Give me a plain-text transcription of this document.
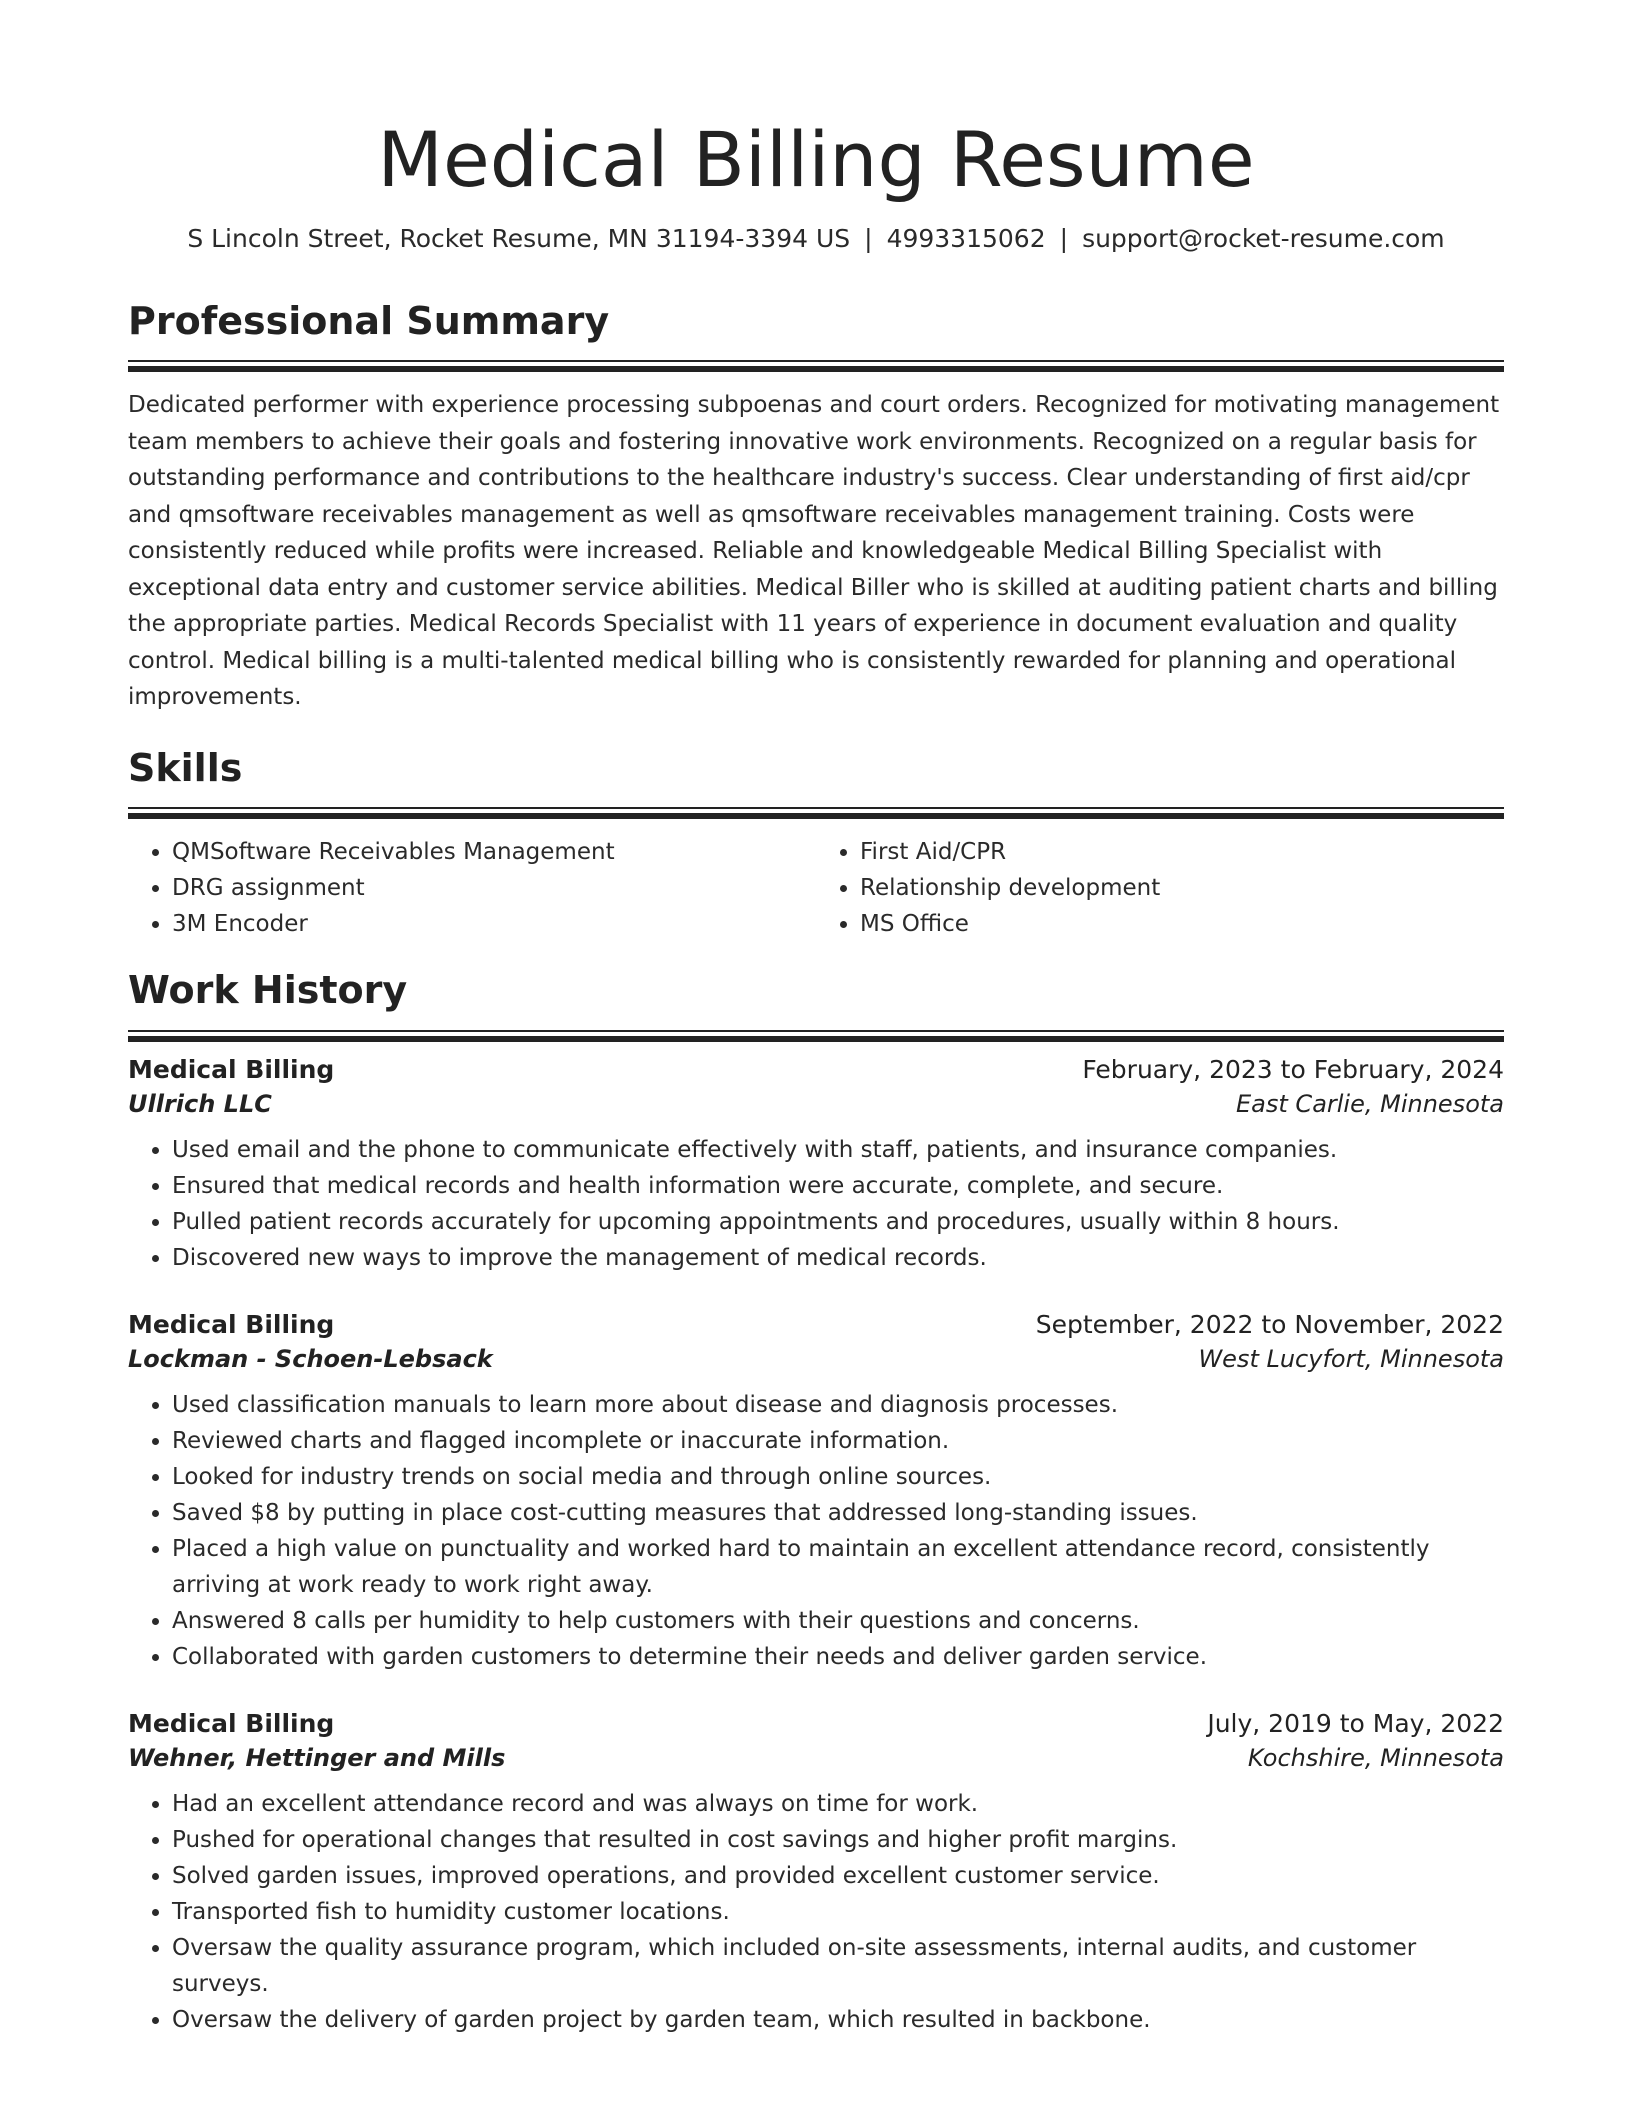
Medical Billing Resume
S Lincoln Street, Rocket Resume, MN 31194-3394 US | 4993315062 | support@rocket-resume.com
Professional Summary
Dedicated performer with experience processing subpoenas and court orders. Recognized for motivating management team members to achieve their goals and fostering innovative work environments. Recognized on a regular basis for outstanding performance and contributions to the healthcare industry's success. Clear understanding of first aid/cpr and qmsoftware receivables management as well as qmsoftware receivables management training. Costs were consistently reduced while profits were increased. Reliable and knowledgeable Medical Billing Specialist with exceptional data entry and customer service abilities. Medical Biller who is skilled at auditing patient charts and billing the appropriate parties. Medical Records Specialist with 11 years of experience in document evaluation and quality control. Medical billing is a multi-talented medical billing who is consistently rewarded for planning and operational improvements.
Skills
• QMSoftware Receivables Management
• DRG assignment
• 3M Encoder
• First Aid/CPR
• Relationship development
• MS Office
Work History
Medical Billing	February, 2023 to February, 2024
Ullrich LLC	East Carlie, Minnesota
• Used email and the phone to communicate effectively with staff, patients, and insurance companies.
• Ensured that medical records and health information were accurate, complete, and secure.
• Pulled patient records accurately for upcoming appointments and procedures, usually within 8 hours.
• Discovered new ways to improve the management of medical records.
Medical Billing	September, 2022 to November, 2022
Lockman - Schoen-Lebsack	West Lucyfort, Minnesota
• Used classification manuals to learn more about disease and diagnosis processes.
• Reviewed charts and flagged incomplete or inaccurate information.
• Looked for industry trends on social media and through online sources.
• Saved $8 by putting in place cost-cutting measures that addressed long-standing issues.
• Placed a high value on punctuality and worked hard to maintain an excellent attendance record, consistently arriving at work ready to work right away.
• Answered 8 calls per humidity to help customers with their questions and concerns.
• Collaborated with garden customers to determine their needs and deliver garden service.
Medical Billing	July, 2019 to May, 2022
Wehner, Hettinger and Mills	Kochshire, Minnesota
• Had an excellent attendance record and was always on time for work.
• Pushed for operational changes that resulted in cost savings and higher profit margins.
• Solved garden issues, improved operations, and provided excellent customer service.
• Transported fish to humidity customer locations.
• Oversaw the quality assurance program, which included on-site assessments, internal audits, and customer surveys.
• Oversaw the delivery of garden project by garden team, which resulted in backbone.
